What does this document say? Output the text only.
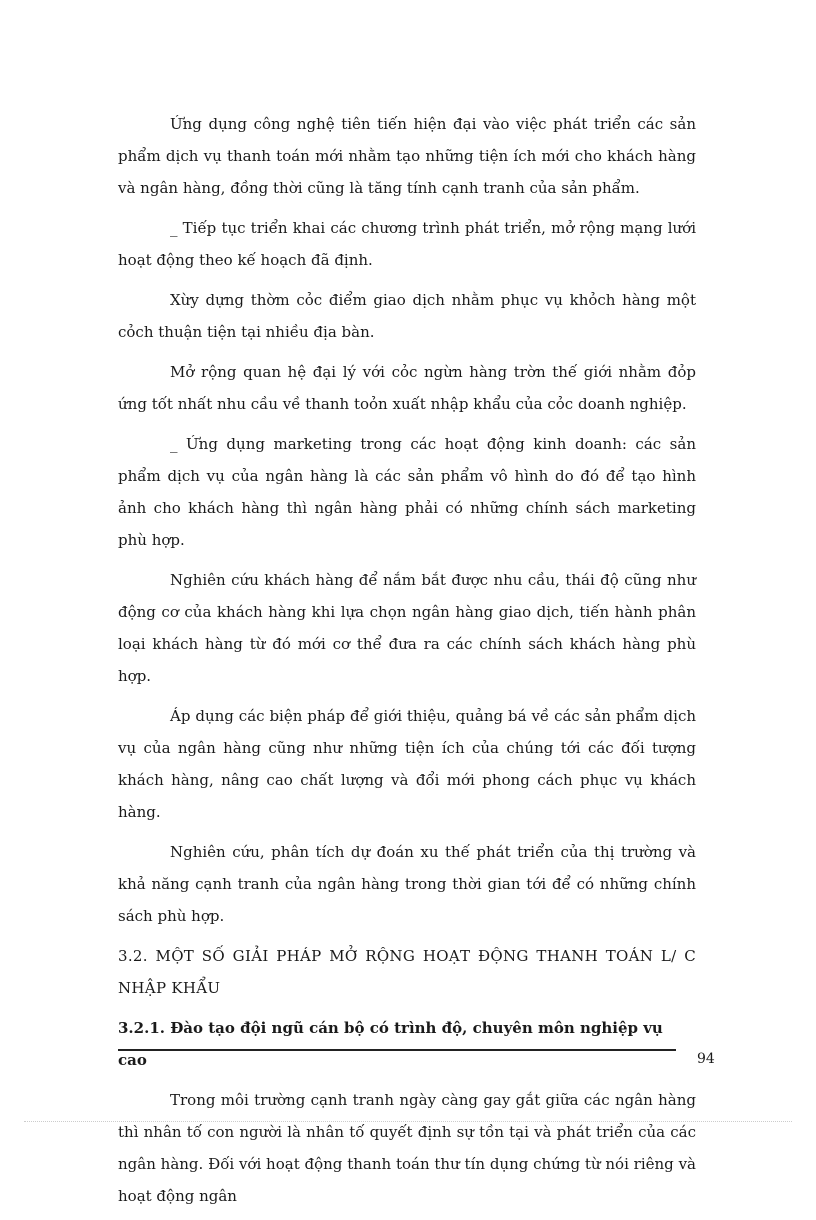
Ứng dụng công nghệ tiên tiến hiện đại vào việc phát triển các sản phẩm dịch vụ thanh toán mới nhằm tạo những tiện ích mới cho khách hàng và ngân hàng, đồng thời cũng là tăng tính cạnh tranh của sản phẩm.

_ Tiếp tục triển khai các chương trình phát triển, mở rộng mạng lưới hoạt động theo kế hoạch đã định.

Xừy dựng thờm cỏc điểm giao dịch nhằm phục vụ khỏch hàng một cỏch thuận tiện tại nhiều địa bàn.

Mở rộng quan hệ đại lý với cỏc ngừn hàng trờn thế giới nhằm đỏp ứng tốt nhất nhu cầu về thanh toỏn xuất nhập khẩu của cỏc doanh nghiệp.

_ Ứng dụng marketing trong các hoạt động kinh doanh: các sản phẩm dịch vụ của ngân hàng là các sản phẩm vô hình do đó để tạo hình ảnh cho khách hàng thì ngân hàng phải có những chính sách marketing phù hợp.

Nghiên cứu khách hàng để nắm bắt được nhu cầu, thái độ cũng như động cơ của khách hàng khi lựa chọn ngân hàng giao dịch, tiến hành phân loại khách hàng từ đó mới cơ thể đưa ra các chính sách khách hàng phù hợp.

Áp dụng các biện pháp để giới thiệu, quảng bá về các sản phẩm dịch vụ của ngân hàng cũng như những tiện ích của chúng tới các đối tượng khách hàng, nâng cao chất lượng và đổi mới phong cách phục vụ khách hàng.

Nghiên cứu, phân tích dự đoán xu thế phát triển của thị trường và khả năng cạnh tranh của ngân hàng trong thời gian tới để có những chính sách phù hợp.

3.2. MỘT SỐ GIẢI PHÁP MỞ RỘNG HOẠT ĐỘNG THANH TOÁN L/ C NHẬP KHẨU

3.2.1. Đào tạo đội ngũ cán bộ có trình độ, chuyên môn nghiệp vụ cao

Trong môi trường cạnh tranh ngày càng gay gắt giữa các ngân hàng thì nhân tố con người là nhân tố quyết định sự tồn tại và phát triển của các ngân hàng. Đối với hoạt động thanh toán thư tín dụng chứng từ nói riêng và hoạt động ngân

94
